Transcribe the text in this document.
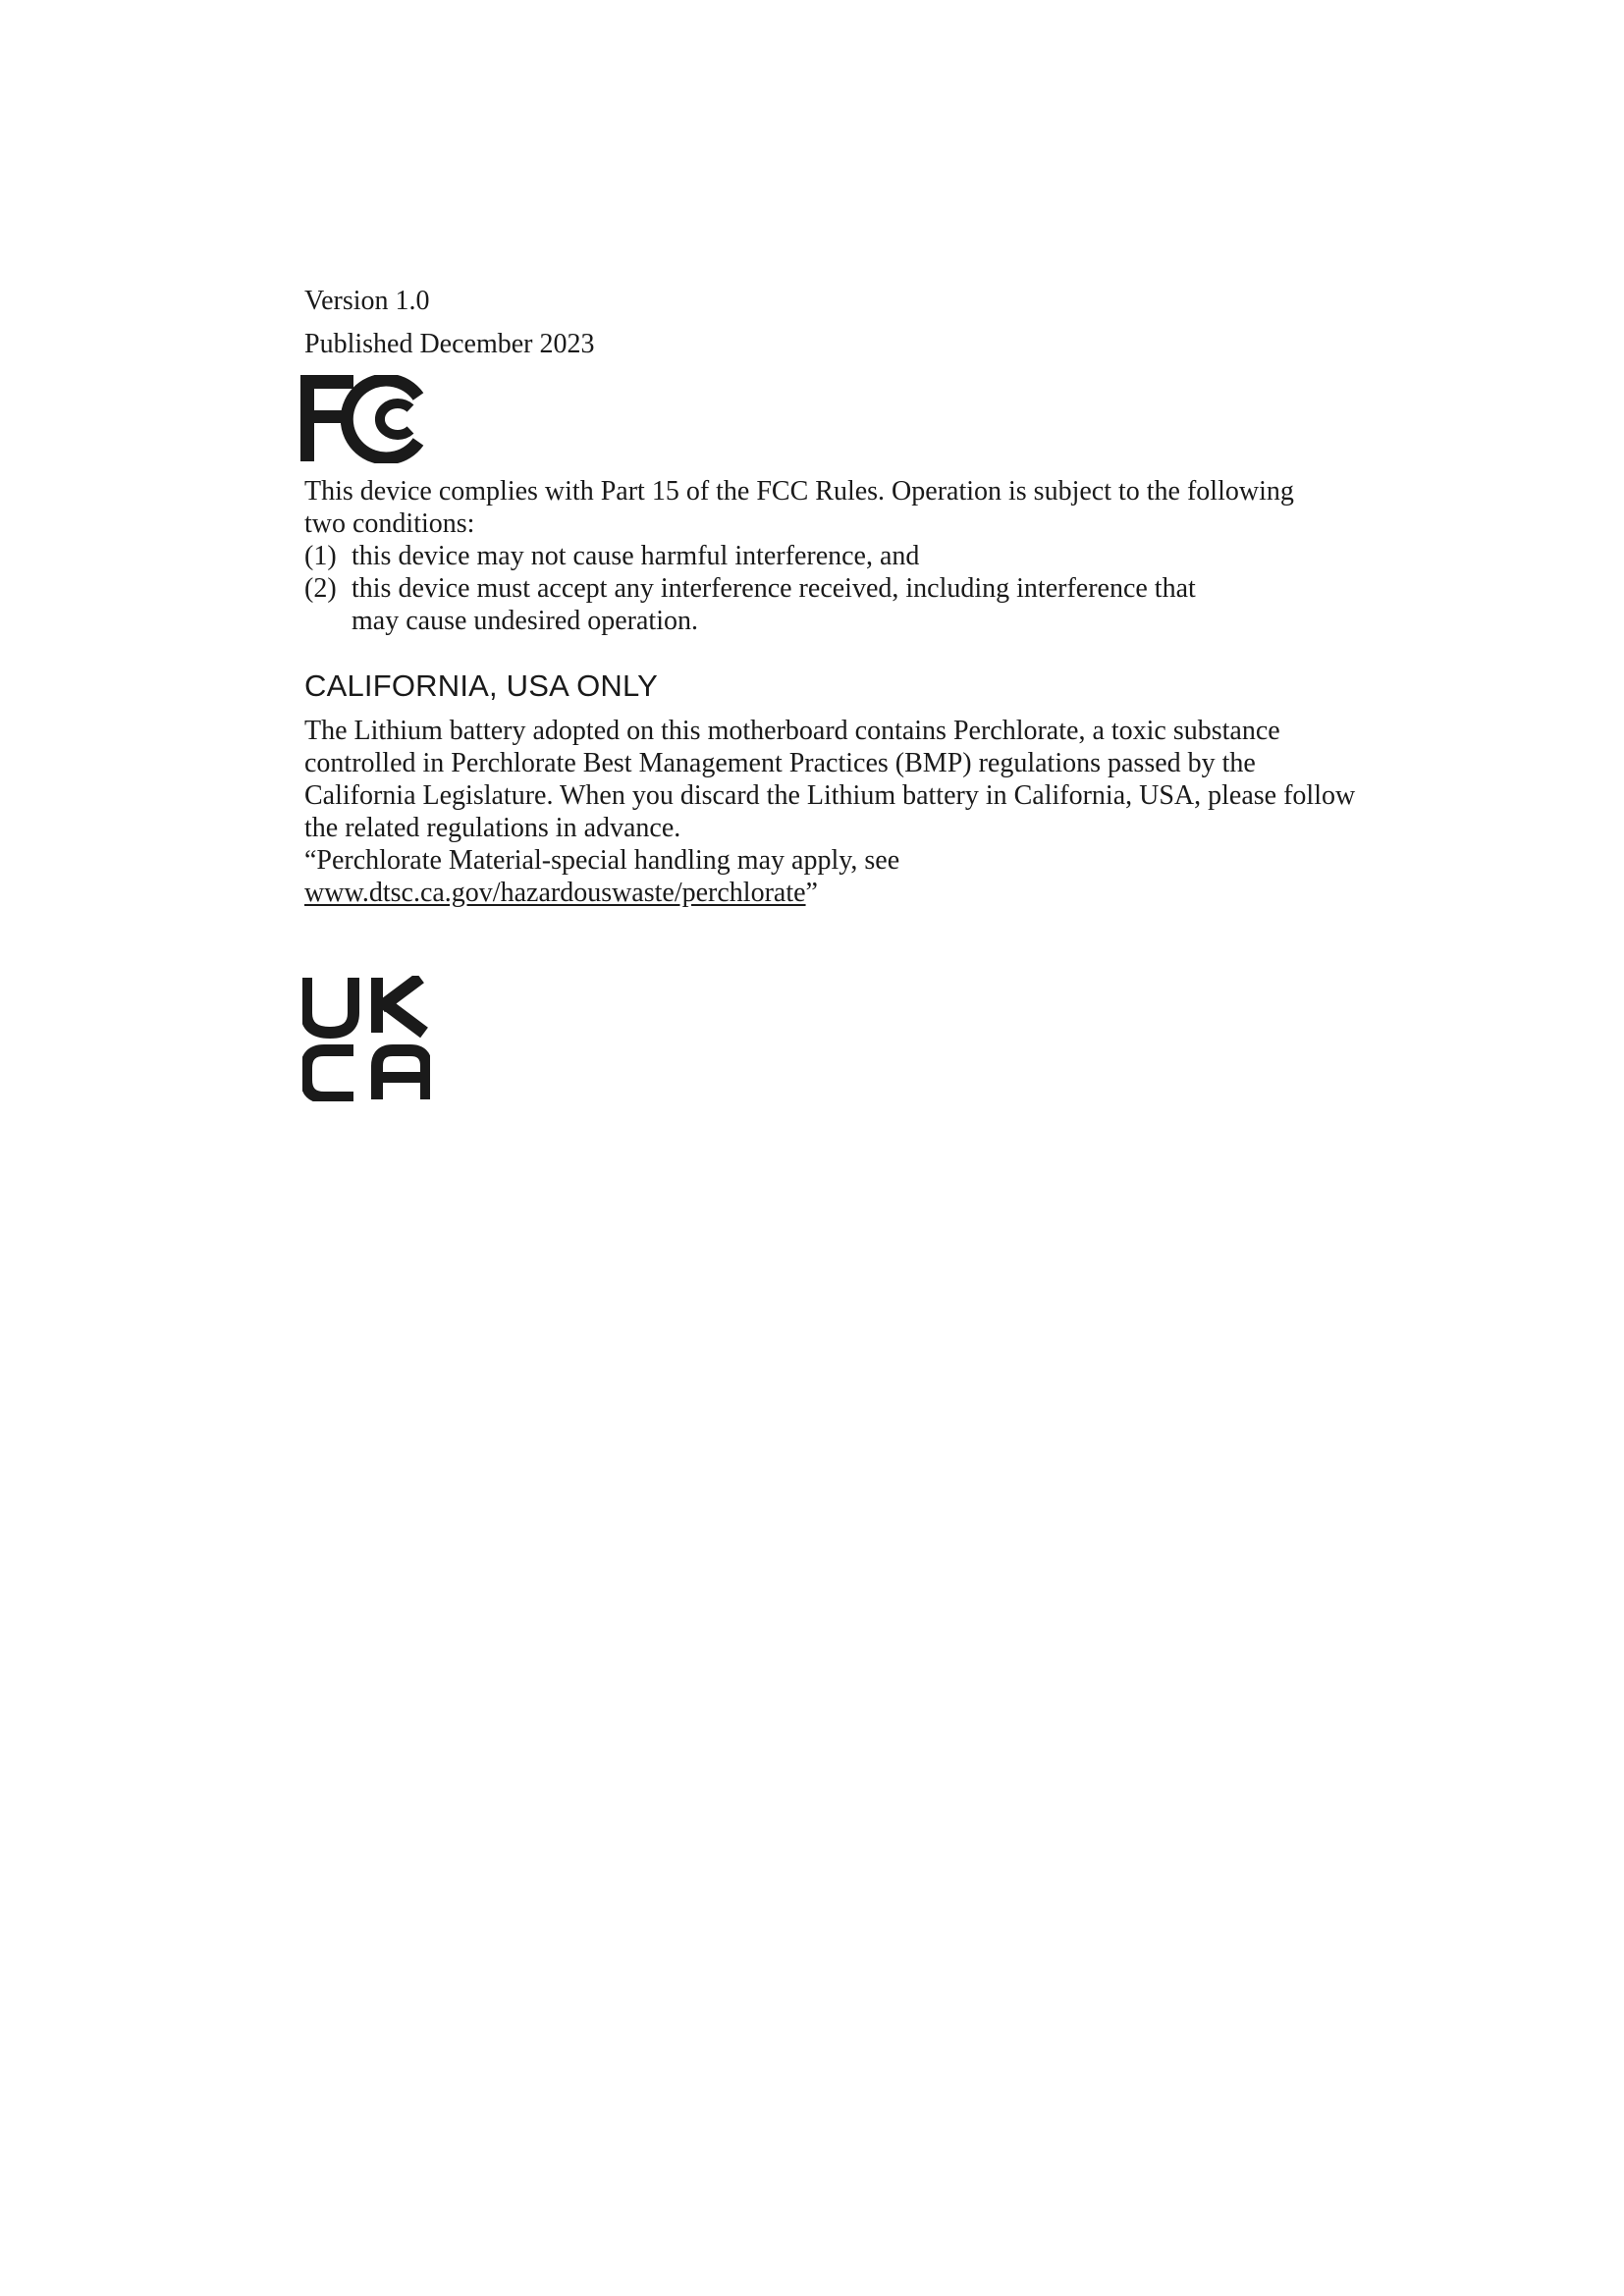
Version 1.0
Published December 2023

This device complies with Part 15 of the FCC Rules. Operation is subject to the following

two conditions:

(1) this device may not cause harmful interference, and
(2) this device must accept any interference received, including interference that may cause undesired operation.
CALIFORNIA, USA ONLY

The Lithium battery adopted on this motherboard contains Perchlorate, a toxic substance controlled in Perchlorate Best Management Practices (BMP) regulations passed by the California Legislature. When you discard the Lithium battery in California, USA, please follow the related regulations in advance.

“Perchlorate Material-special handling may apply, see www.dtsc.ca.gov/hazardouswaste/perchlorate”
